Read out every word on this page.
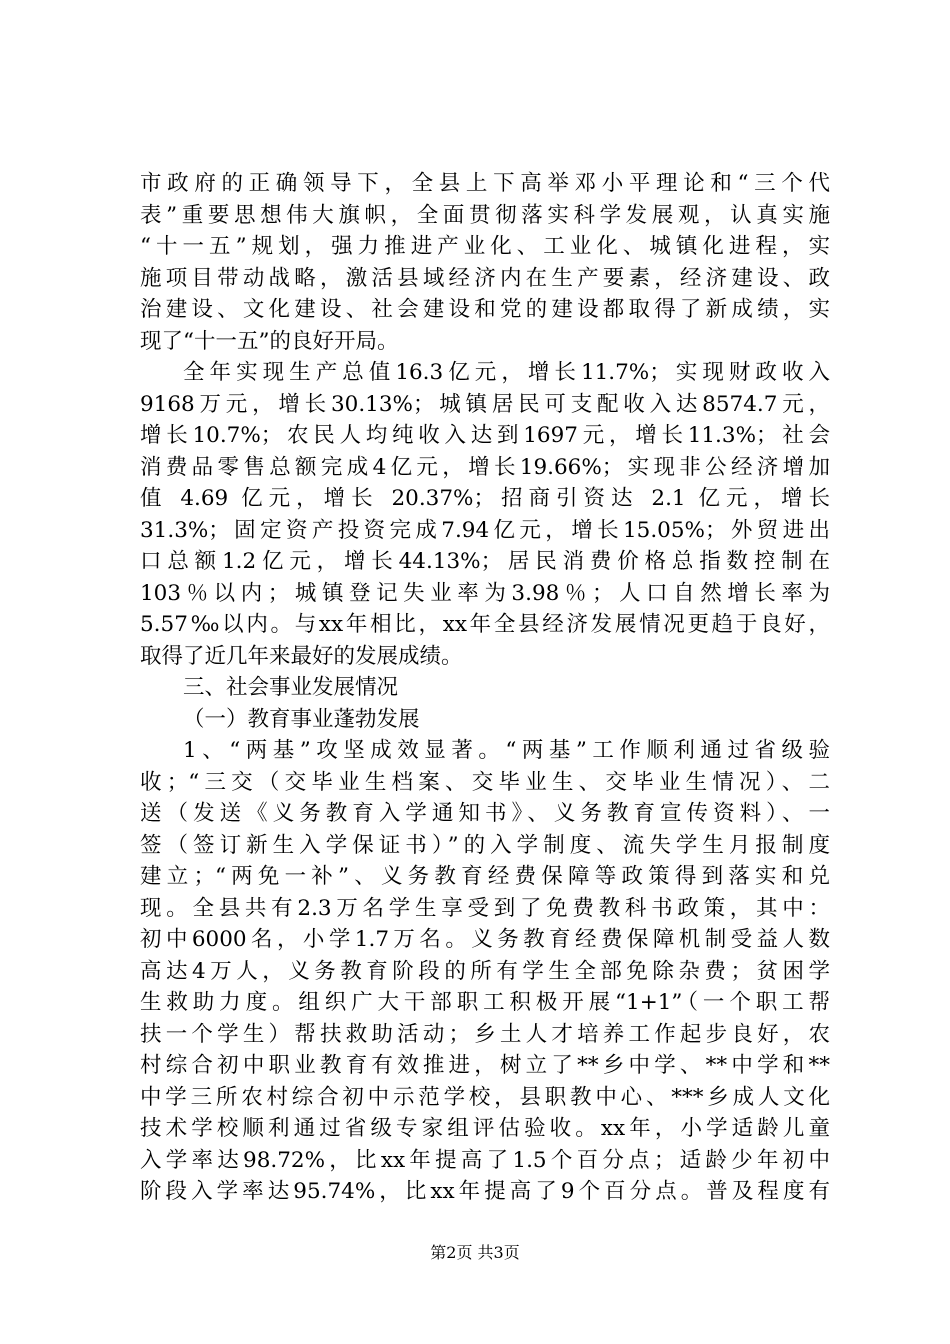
市政府的正确领导下，全县上下高举邓小平理论和“三个代
表”重要思想伟大旗帜，全面贯彻落实科学发展观，认真实施
“十一五”规划，强力推进产业化、工业化、城镇化进程，实
施项目带动战略，激活县域经济内在生产要素，经济建设、政
治建设、文化建设、社会建设和党的建设都取得了新成绩，实
现了“十一五”的良好开局。
全年实现生产总值16.3亿元，增长11.7%；实现财政收入
9168万元，增长30.13%；城镇居民可支配收入达8574.7元，
增长10.7%；农民人均纯收入达到1697元，增长11.3%；社会
消费品零售总额完成4亿元，增长19.66%；实现非公经济增加
值 4.69 亿元，增长 20.37%；招商引资达 2.1 亿元，增长
31.3%；固定资产投资完成7.94亿元，增长15.05%；外贸进出
口总额1.2亿元，增长44.13%；居民消费价格总指数控制在
103％以内；城镇登记失业率为3.98％；人口自然增长率为
5.57‰以内。与xx年相比，xx年全县经济发展情况更趋于良好，
取得了近几年来最好的发展成绩。
三、社会事业发展情况
（一）教育事业蓬勃发展
1、“两基”攻坚成效显著。“两基”工作顺利通过省级验
收；“三交（交毕业生档案、交毕业生、交毕业生情况）、二
送（发送《义务教育入学通知书》、义务教育宣传资料）、一
签（签订新生入学保证书）”的入学制度、流失学生月报制度
建立；“两免一补”、义务教育经费保障等政策得到落实和兑
现。全县共有2.3万名学生享受到了免费教科书政策，其中：
初中6000名，小学1.7万名。义务教育经费保障机制受益人数
高达4万人，义务教育阶段的所有学生全部免除杂费；贫困学
生救助力度。组织广大干部职工积极开展“1+1”（一个职工帮
扶一个学生）帮扶救助活动；乡土人才培养工作起步良好，农
村综合初中职业教育有效推进，树立了**乡中学、**中学和**
中学三所农村综合初中示范学校，县职教中心、***乡成人文化
技术学校顺利通过省级专家组评估验收。xx年，小学适龄儿童
入学率达98.72%，比xx年提高了1.5个百分点；适龄少年初中
阶段入学率达95.74%，比xx年提高了9个百分点。普及程度有
第2页 共3页
